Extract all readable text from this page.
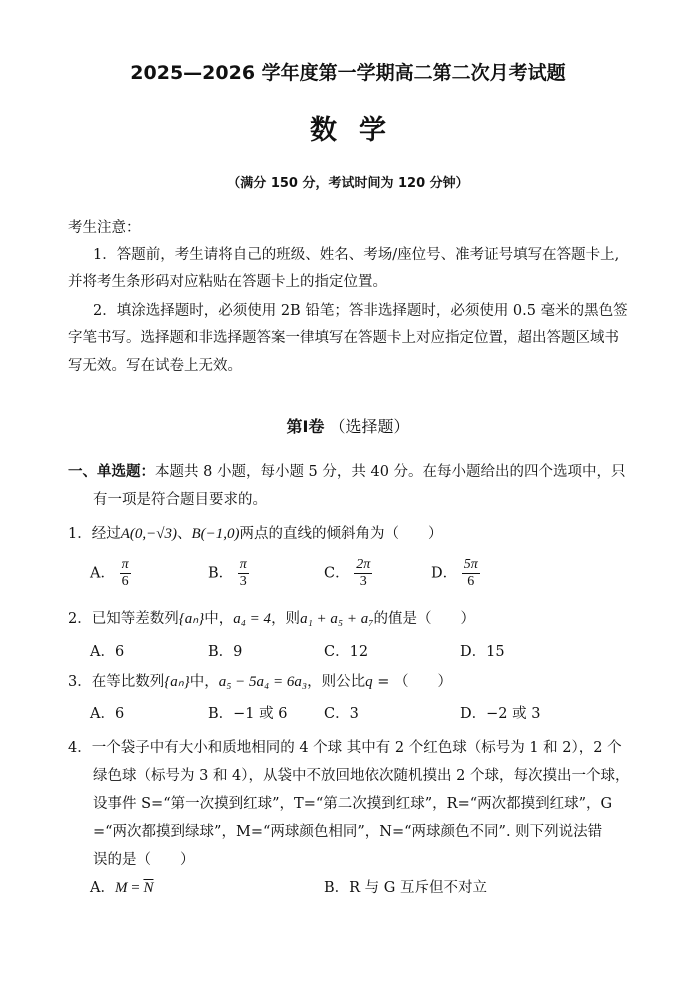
2025—2026 学年度第一学期高二第二次月考试题
数学
（满分 150 分，考试时间为 120 分钟）
考生注意：
1．答题前，考生请将自己的班级、姓名、考场/座位号、准考证号填写在答题卡上,
并将考生条形码对应粘贴在答题卡上的指定位置。
2．填涂选择题时，必须使用 2B 铅笔；答非选择题时，必须使用 0.5 毫米的黑色签
字笔书写。选择题和非选择题答案一律填写在答题卡上对应指定位置，超出答题区域书
写无效。写在试卷上无效。
第Ⅰ卷 （选择题）
一、单选题：本题共 8 小题，每小题 5 分，共 40 分。在每小题给出的四个选项中，只
有一项是符合题目要求的。
1．经过A(0,−√3)、B(−1,0)两点的直线的倾斜角为（　　）
A． $\frac{\pi}{6}$	B． $\frac{\pi}{3}$	C． $\frac{2\pi}{3}$	D． $\frac{5\pi}{6}$
2．已知等差数列{aₙ}中，a₄ = 4，则a₁ + a₅ + a₇的值是（　　）
A．6	B．9	C．12	D．15
3．在等比数列{aₙ}中，a₅ − 5a₄ = 6a₃，则公比q = （　　）
A．6	B．−1 或 6	C．3	D．−2 或 3
4．一个袋子中有大小和质地相同的 4 个球 其中有 2 个红色球（标号为 1 和 2），2 个
绿色球（标号为 3 和 4），从袋中不放回地依次随机摸出 2 个球，每次摸出一个球，
设事件 S=“第一次摸到红球”，T=“第二次摸到红球”，R=“两次都摸到红球”，G
=“两次都摸到绿球”，M=“两球颜色相同”，N=“两球颜色不同”. 则下列说法错
误的是（　　）
A．$M = \overline{N}$	B．R 与 G 互斥但不对立
